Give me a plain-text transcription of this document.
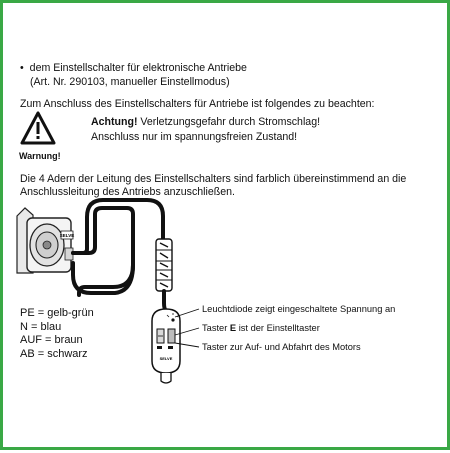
• dem Einstellschalter für elektronische Antriebe
(Art. Nr. 290103, manueller Einstellmodus)
Zum Anschluss des Einstellschalters für Antriebe ist folgendes zu beachten:
Warnung!
Achtung! Verletzungsgefahr durch Stromschlag!
Anschluss nur im spannungsfreien Zustand!
Die 4 Adern der Leitung des Einstellschalters sind farblich übereinstimmend an die
Anschlussleitung des Antriebs anzuschließen.
SELVE
SELVE
PE = gelb-grün
N = blau
AUF = braun
AB = schwarz
Leuchtdiode zeigt eingeschaltete Spannung an
Taster E ist der Einstelltaster
Taster zur Auf- und Abfahrt des Motors
